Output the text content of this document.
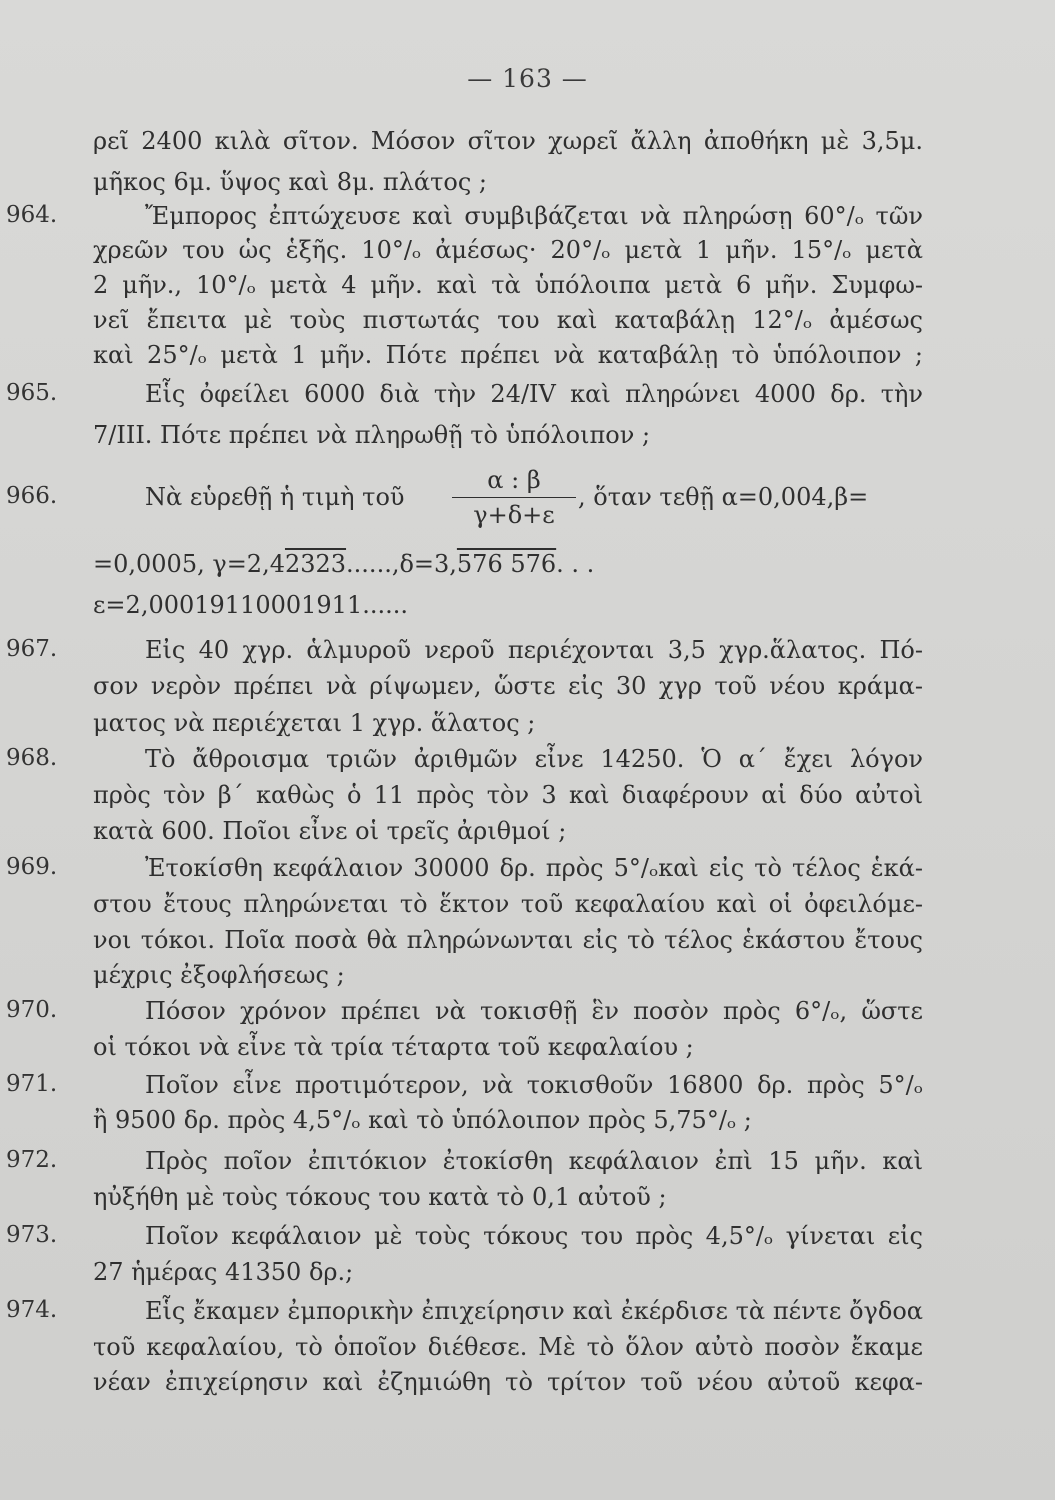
— 163 —
ρεῖ 2400 κιλὰ σῖτον. Μόσον σῖτον χωρεῖ ἄλλη ἀποθήκη μὲ 3,5μ.
μῆκος 6μ. ὕψος καὶ 8μ. πλάτος ;
964.	Ἔμπορος ἐπτώχευσε καὶ συμβιβάζεται νὰ πληρώσῃ 60°/ₒ τῶν
χρεῶν του ὡς ἑξῆς. 10°/ₒ ἀμέσως· 20°/ₒ μετὰ 1 μῆν. 15°/ₒ μετὰ
2 μῆν., 10°/ₒ μετὰ 4 μῆν. καὶ τὰ ὑπόλοιπα μετὰ 6 μῆν. Συμφω-
νεῖ ἔπειτα μὲ τοὺς πιστωτάς του καὶ καταβάλῃ 12°/ₒ ἀμέσως
καὶ 25°/ₒ μετὰ 1 μῆν. Πότε πρέπει νὰ καταβάλῃ τὸ ὑπόλοιπον ;
965.	Εἷς ὀφείλει 6000 διὰ τὴν 24/IV καὶ πληρώνει 4000 δρ. τὴν
7/ΙΙΙ. Πότε πρέπει νὰ πληρωθῇ τὸ ὑπόλοιπον ;
966.	Νὰ εὑρεθῇ ἡ τιμὴ τοῦ
α : β
γ+δ+ε
, ὅταν τεθῇ α=0,004,β=
=0,0005, γ=2,42323......,δ=3,576 576. . .
ε=2,00019110001911......
967.	Εἰς 40 χγρ. ἁλμυροῦ νεροῦ περιέχονται 3,5 χγρ.ἅλατος. Πό-
σον νερὸν πρέπει νὰ ρίψωμεν, ὥστε εἰς 30 χγρ τοῦ νέου κράμα-
ματος νὰ περιέχεται 1 χγρ. ἅλατος ;
968.	Τὸ ἄθροισμα τριῶν ἀριθμῶν εἶνε 14250. Ὁ α΄ ἔχει λόγον
πρὸς τὸν β΄ καθὼς ὁ 11 πρὸς τὸν 3 καὶ διαφέρουν αἱ δύο αὐτοὶ
κατὰ 600. Ποῖοι εἶνε οἱ τρεῖς ἀριθμοί ;
969.	Ἐτοκίσθη κεφάλαιον 30000 δρ. πρὸς 5°/ₒκαὶ εἰς τὸ τέλος ἑκά-
στου ἔτους πληρώνεται τὸ ἕκτον τοῦ κεφαλαίου καὶ οἱ ὀφειλόμε-
νοι τόκοι. Ποῖα ποσὰ θὰ πληρώνωνται εἰς τὸ τέλος ἑκάστου ἔτους
μέχρις ἐξοφλήσεως ;
970.	Πόσον χρόνον πρέπει νὰ τοκισθῇ ἓν ποσὸν πρὸς 6°/ₒ, ὥστε
οἱ τόκοι νὰ εἶνε τὰ τρία τέταρτα τοῦ κεφαλαίου ;
971.	Ποῖον εἶνε προτιμότερον, νὰ τοκισθοῦν 16800 δρ. πρὸς 5°/ₒ
ἢ 9500 δρ. πρὸς 4,5°/ₒ καὶ τὸ ὑπόλοιπον πρὸς 5,75°/ₒ ;
972.	Πρὸς ποῖον ἐπιτόκιον ἐτοκίσθη κεφάλαιον ἐπὶ 15 μῆν. καὶ
ηὐξήθη μὲ τοὺς τόκους του κατὰ τὸ 0,1 αὐτοῦ ;
973.	Ποῖον κεφάλαιον μὲ τοὺς τόκους του πρὸς 4,5°/ₒ γίνεται εἰς
27 ἡμέρας 41350 δρ.;
974.	Εἷς ἔκαμεν ἐμπορικὴν ἐπιχείρησιν καὶ ἐκέρδισε τὰ πέντε ὄγδοα
τοῦ κεφαλαίου, τὸ ὁποῖον διέθεσε. Μὲ τὸ ὅλον αὐτὸ ποσὸν ἔκαμε
νέαν ἐπιχείρησιν καὶ ἐζημιώθη τὸ τρίτον τοῦ νέου αὐτοῦ κεφα-
